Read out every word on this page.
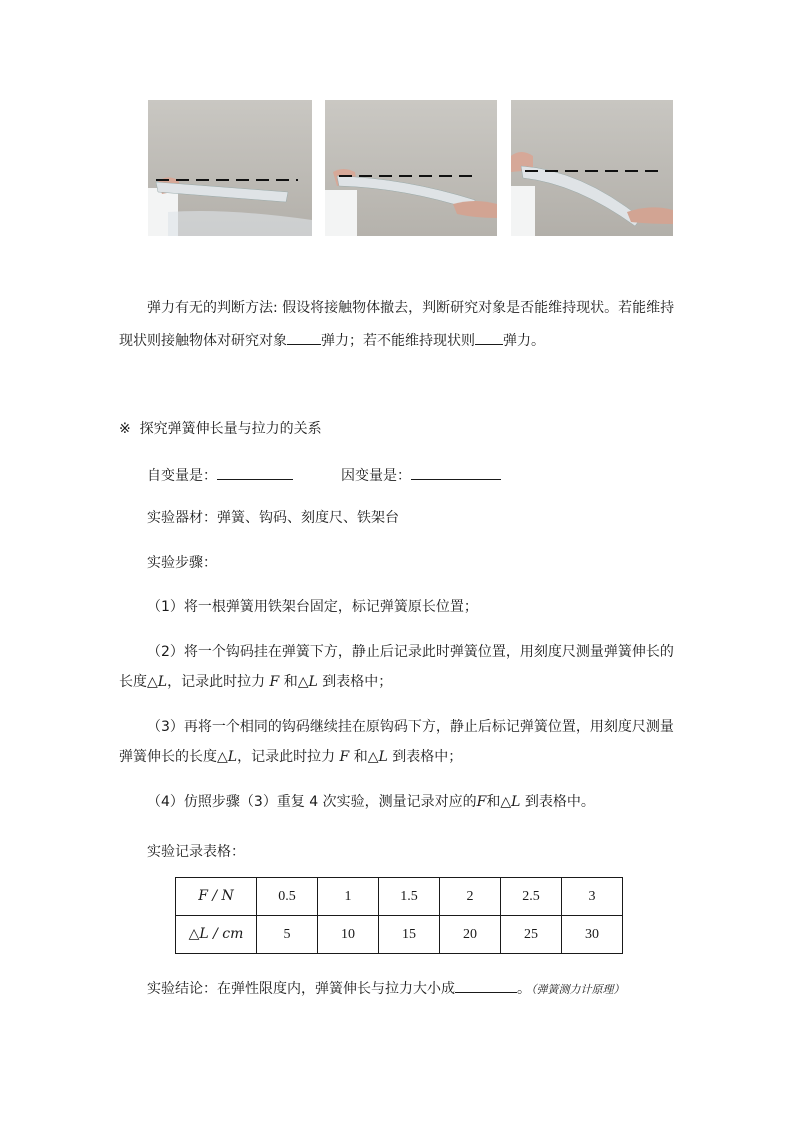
弹力有无的判断方法: 假设将接触物体撤去，判断研究对象是否能维持现状。若能维持
现状则接触物体对研究对象 弹力；若不能维持现状则 弹力。
※ 探究弹簧伸长量与拉力的关系
自变量是：	因变量是：
实验器材：弹簧、钩码、刻度尺、铁架台
实验步骤：
（1）将一根弹簧用铁架台固定，标记弹簧原长位置；
（2）将一个钩码挂在弹簧下方，静止后记录此时弹簧位置，用刻度尺测量弹簧伸长的
长度△L，记录此时拉力 F 和△L 到表格中；
（3）再将一个相同的钩码继续挂在原钩码下方，静止后标记弹簧位置，用刻度尺测量
弹簧伸长的长度△L，记录此时拉力 F 和△L 到表格中；
（4）仿照步骤（3）重复 4 次实验，测量记录对应的F和△L 到表格中。
实验记录表格：
F / N	0.5	1	1.5	2	2.5	3
△L / cm	5	10	15	20	25	30
实验结论：在弹性限度内，弹簧伸长与拉力大小成	。（弹簧测力计原理）
